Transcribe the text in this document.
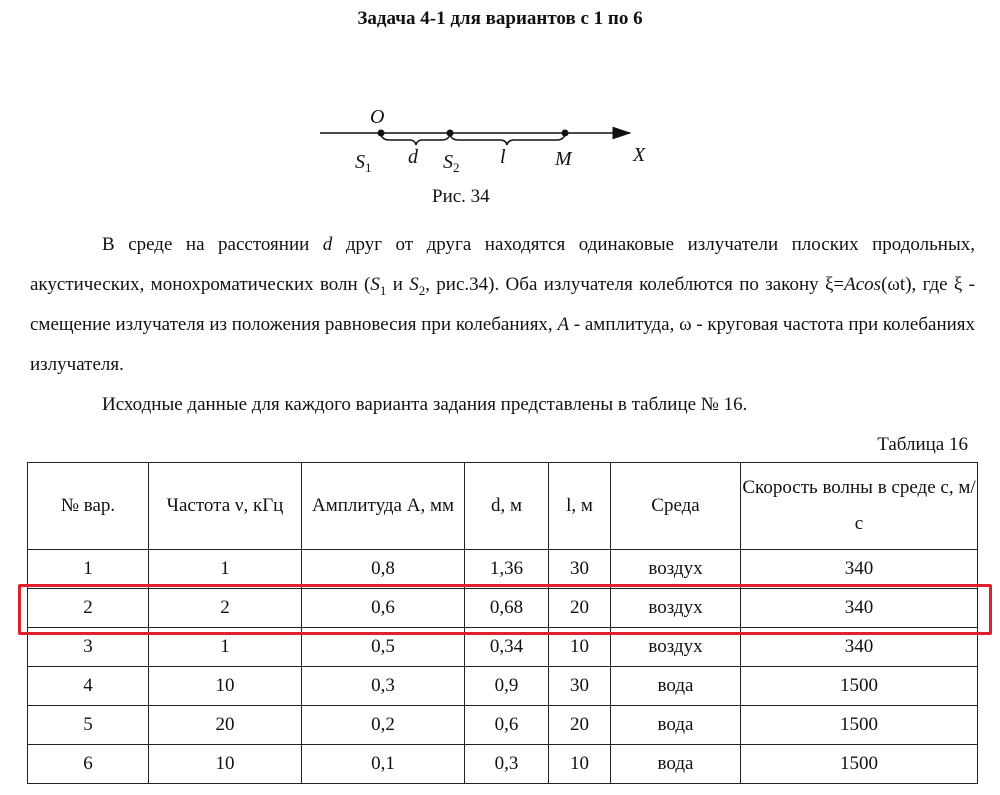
Задача 4-1 для вариантов с 1 по 6
O
$S_1$ d $S_2$ l M	X
Рис. 34
В среде на расстоянии d друг от друга находятся одинаковые излучатели плоских продольных, акустических, монохроматических волн ($S_1$ и $S_2$, рис.34). Оба излучателя колеблются по закону ξ=Acos(ωt), где ξ - смещение излучателя из положения равновесия при колебаниях, A - амплитуда, ω - круговая частота при колебаниях излучателя.
Исходные данные для каждого варианта задания представлены в таблице № 16.
Таблица 16
№ вар.	Частота ν, кГц	Амплитуда A, мм	d, м	l, м	Среда	Скорость волны в среде c, м/с
1	1	0,8	1,36	30	воздух	340
2	2	0,6	0,68	20	воздух	340
3	1	0,5	0,34	10	воздух	340
4	10	0,3	0,9	30	вода	1500
5	20	0,2	0,6	20	вода	1500
6	10	0,1	0,3	10	вода	1500
